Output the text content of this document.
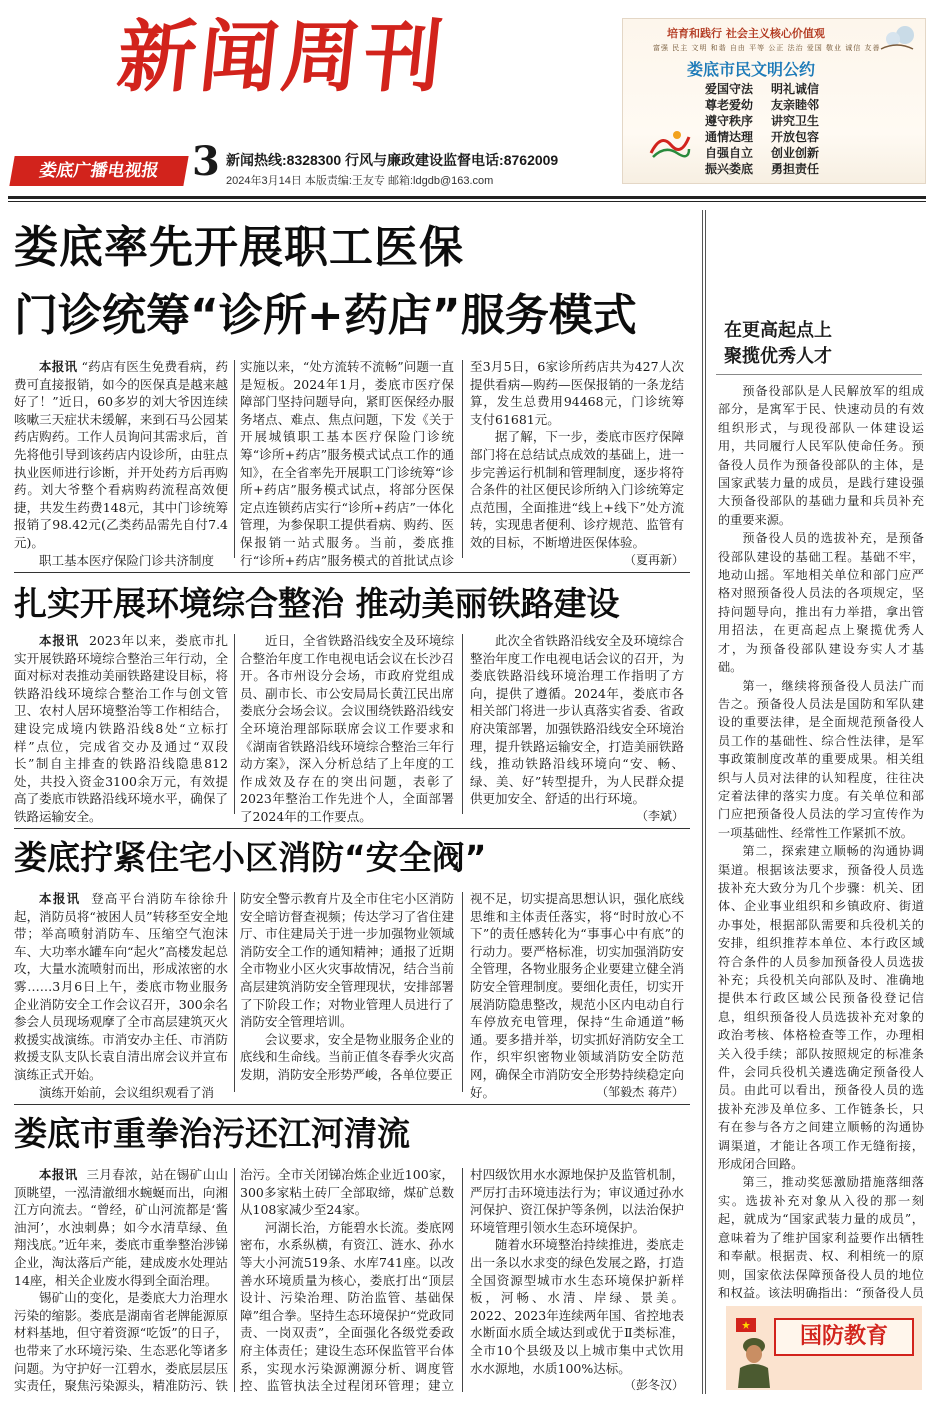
新闻周刊
娄底广播电视报 3 新闻热线:8328300 行风与廉政建设监督电话:8762009
2024年3月14日 本版责编:王友专 邮箱:ldgdb@163.com
培育和践行 社会主义核心价值观
富强 民主 文明 和谐 自由 平等 公正 法治 爱国 敬业 诚信 友善
娄底市民文明公约
爱国守法	明礼诚信
尊老爱幼	友亲睦邻
遵守秩序	讲究卫生
通情达理	开放包容
自强自立	创业创新
振兴娄底	勇担责任
娄底率先开展职工医保
门诊统筹“诊所+药店”服务模式

本报讯 “药店有医生免费看病，药费可直接报销，如今的医保真是越来越好了！”近日，60多岁的刘大爷因连续咳嗽三天症状未缓解，来到石马公园某药店购药。工作人员询问其需求后，首先将他引导到该药店内设诊所，由驻点执业医师进行诊断，并开处药方后再购药。刘大爷整个看病购药流程高效便捷，共发生药费148元，其中门诊统筹报销了98.42元(乙类药品需先自付7.4元)。

职工基本医疗保险门诊共济制度

实施以来，“处方流转不流畅”问题一直是短板。2024年1月，娄底市医疗保障部门坚持问题导向，紧盯医保经办服务堵点、难点、焦点问题，下发《关于开展城镇职工基本医疗保险门诊统筹“诊所+药店”服务模式试点工作的通知》，在全省率先开展职工门诊统筹“诊所+药店”服务模式试点，将部分医保定点连锁药店实行“诊所+药店”一体化管理，为参保职工提供看病、购药、医保报销一站式服务。当前，娄底推行“诊所+药店”服务模式的首批试点诊

至3月5日，6家诊所药店共为427人次提供看病—购药—医保报销的一条龙结算，发生总费用94468元，门诊统筹支付61681元。

据了解，下一步，娄底市医疗保障部门将在总结试点成效的基础上，进一步完善运行机制和管理制度，逐步将符合条件的社区便民诊所纳入门诊统筹定点范围，全面推进“线上+线下”处方流转，实现患者便利、诊疗规范、监管有效的目标，不断增进医保体验。
（夏再新）

扎实开展环境综合整治 推动美丽铁路建设

本报讯 2023年以来，娄底市扎实开展铁路环境综合整治三年行动，全面对标对表推动美丽铁路建设目标，将铁路沿线环境综合整治工作与创文管卫、农村人居环境整治等工作相结合，建设完成境内铁路沿线8处“立标打样”点位，完成省交办及通过“双段长”制自主排查的铁路沿线隐患812处，共投入资金3100余万元，有效提高了娄底市铁路沿线环境水平，确保了铁路运输安全。

近日，全省铁路沿线安全及环境综合整治年度工作电视电话会议在长沙召开。各市州设分会场，市政府党组成员、副市长、市公安局局长黄江民出席娄底分会场会议。会议围绕铁路沿线安全环境治理部际联席会议工作要求和《湖南省铁路沿线环境综合整治三年行动方案》，深入分析总结了上年度的工作成效及存在的突出问题，表彰了2023年整治工作先进个人，全面部署了2024年的工作要点。

此次全省铁路沿线安全及环境综合整治年度工作电视电话会议的召开，为娄底铁路沿线环境治理工作指明了方向，提供了遵循。2024年，娄底市各相关部门将进一步认真落实省委、省政府决策部署，加强铁路沿线安全环境治理，提升铁路运输安全，打造美丽铁路线，推动铁路沿线环境向“安、畅、绿、美、好”转型提升，为人民群众提供更加安全、舒适的出行环境。
（李斌）

娄底拧紧住宅小区消防“安全阀”

本报讯 登高平台消防车徐徐升起，消防员将“被困人员”转移至安全地带；举高喷射消防车、压缩空气泡沫车、大功率水罐车向“起火”高楼发起总攻，大量水流喷射而出，形成浓密的水雾……3月6日上午，娄底市物业服务企业消防安全工作会议召开，300余名参会人员现场观摩了全市高层建筑灭火救援实战演练。市消安办主任、市消防救援支队支队长袁自清出席会议并宣布演练正式开始。

演练开始前，会议组织观看了消

防安全警示教育片及全市住宅小区消防安全暗访督查视频；传达学习了省住建厅、市住建局关于进一步加强物业领域消防安全工作的通知精神；通报了近期全市物业小区火灾事故情况，结合当前高层建筑消防安全管理现状，安排部署了下阶段工作；对物业管理人员进行了消防安全管理培训。

会议要求，安全是物业服务企业的底线和生命线。当前正值冬春季火灾高发期，消防安全形势严峻，各单位要正

视不足，切实提高思想认识，强化底线思维和主体责任落实，将“时时放心不下”的责任感转化为“事事心中有底”的行动力。要严格标准，切实加强消防安全管理，各物业服务企业要建立健全消防安全管理制度。要细化责任，切实开展消防隐患整改，规范小区内电动自行车停放充电管理，保持“生命通道”畅通。要多措并举，切实抓好消防安全工作，织牢织密物业领域消防安全防范网，确保全市消防安全形势持续稳定向好。	（邹毅杰 蒋芹）

娄底市重拳治污还江河清流

本报讯 三月春浓，站在锡矿山山顶眺望，一泓清澈细水蜿蜒而出，向湘江方向流去。“曾经，矿山河流都是‘酱油河’，水浊刺鼻；如今水清草绿、鱼翔浅底。”近年来，娄底市重拳整治涉锑企业，淘汰落后产能，建成废水处理站14座，相关企业废水得到全面治理。

锡矿山的变化，是娄底大力治理水污染的缩影。娄底是湖南省老牌能源原材料基地，但守着资源“吃饭”的日子，也带来了水环境污染、生态恶化等诸多问题。为守护好一江碧水，娄底层层压实责任，聚焦污染源头，精准防污、铁

治污。全市关闭锑冶炼企业近100家，300多家粘土砖厂全部取缔，煤矿总数从108家减少至24家。

河湖长治，方能碧水长流。娄底网密布，水系纵横，有资江、涟水、孙水等大小河流519条、水库741座。以改善水环境质量为核心，娄底打出“顶层设计、污染治理、防治监管、基础保障”组合拳。坚持生态环境保护“党政同责、一岗双责”，全面强化各级党委政府主体责任；建设生态环保监管平台体系，实现水污染源溯源分析、调度管控、监管执法全过程闭环管理；建立

村四级饮用水水源地保护及监管机制，严厉打击环境违法行为；审议通过孙水河保护、资江保护等条例，以法治保护环境管理引领水生态环境保护。

随着水环境整治持续推进，娄底走出一条以水求变的绿色发展之路，打造全国资源型城市水生态环境保护新样板，河畅、水清、岸绿、景美。2022、2023年连续两年国、省控地表水断面水质全域达到或优于Ⅱ类标准，全市10个县级及以上城市集中式饮用水水源地，水质100%达标。
（彭冬汉）

在更高起点上
聚揽优秀人才

预备役部队是人民解放军的组成部分，是寓军于民、快速动员的有效组织形式，与现役部队一体建设运用，共同履行人民军队使命任务。预备役人员作为预备役部队的主体，是国家武装力量的成员，是践行建设强大预备役部队的基础力量和兵员补充的重要来源。

预备役人员的选拔补充，是预备役部队建设的基础工程。基础不牢，地动山摇。军地相关单位和部门应严格对照预备役人员法的各项规定，坚持问题导向，推出有力举措，拿出管用招法，在更高起点上聚揽优秀人才，为预备役部队建设夯实人才基础。

第一，继续将预备役人员法广而告之。预备役人员法是国防和军队建设的重要法律，是全面规范预备役人员工作的基础性、综合性法律，是军事政策制度改革的重要成果。相关组织与人员对法律的认知程度，往往决定着法律的落实力度。有关单位和部门应把预备役人员法的学习宣传作为一项基础性、经常性工作紧抓不放。

第二，探索建立顺畅的沟通协调渠道。根据该法要求，预备役人员选拔补充大致分为几个步骤：机关、团体、企业事业组织和乡镇政府、街道办事处，根据部队需要和兵役机关的安排，组织推荐本单位、本行政区域符合条件的人员参加预备役人员选拔补充；兵役机关向部队及时、准确地提供本行政区域公民预备役登记信息，组织预备役人员选拔补充对象的政治考核、体格检查等工作，办理相关入役手续；部队按照规定的标准条件，会同兵役机关遴选确定预备役人员。由此可以看出，预备役人员的选拔补充涉及单位多、工作链条长，只有在参与各方之间建立顺畅的沟通协调渠道，才能让各项工作无缝衔接，形成闭合回路。

第三，推动奖惩激励措施落细落实。选拔补充对象从入役的那一刻起，就成为“国家武装力量的成员”，意味着为了维护国家利益要作出牺牲和奉献。根据责、权、利相统一的原则，国家依法保障预备役人员的地位和权益。该法明确指出：“预备役人员

国防教育
